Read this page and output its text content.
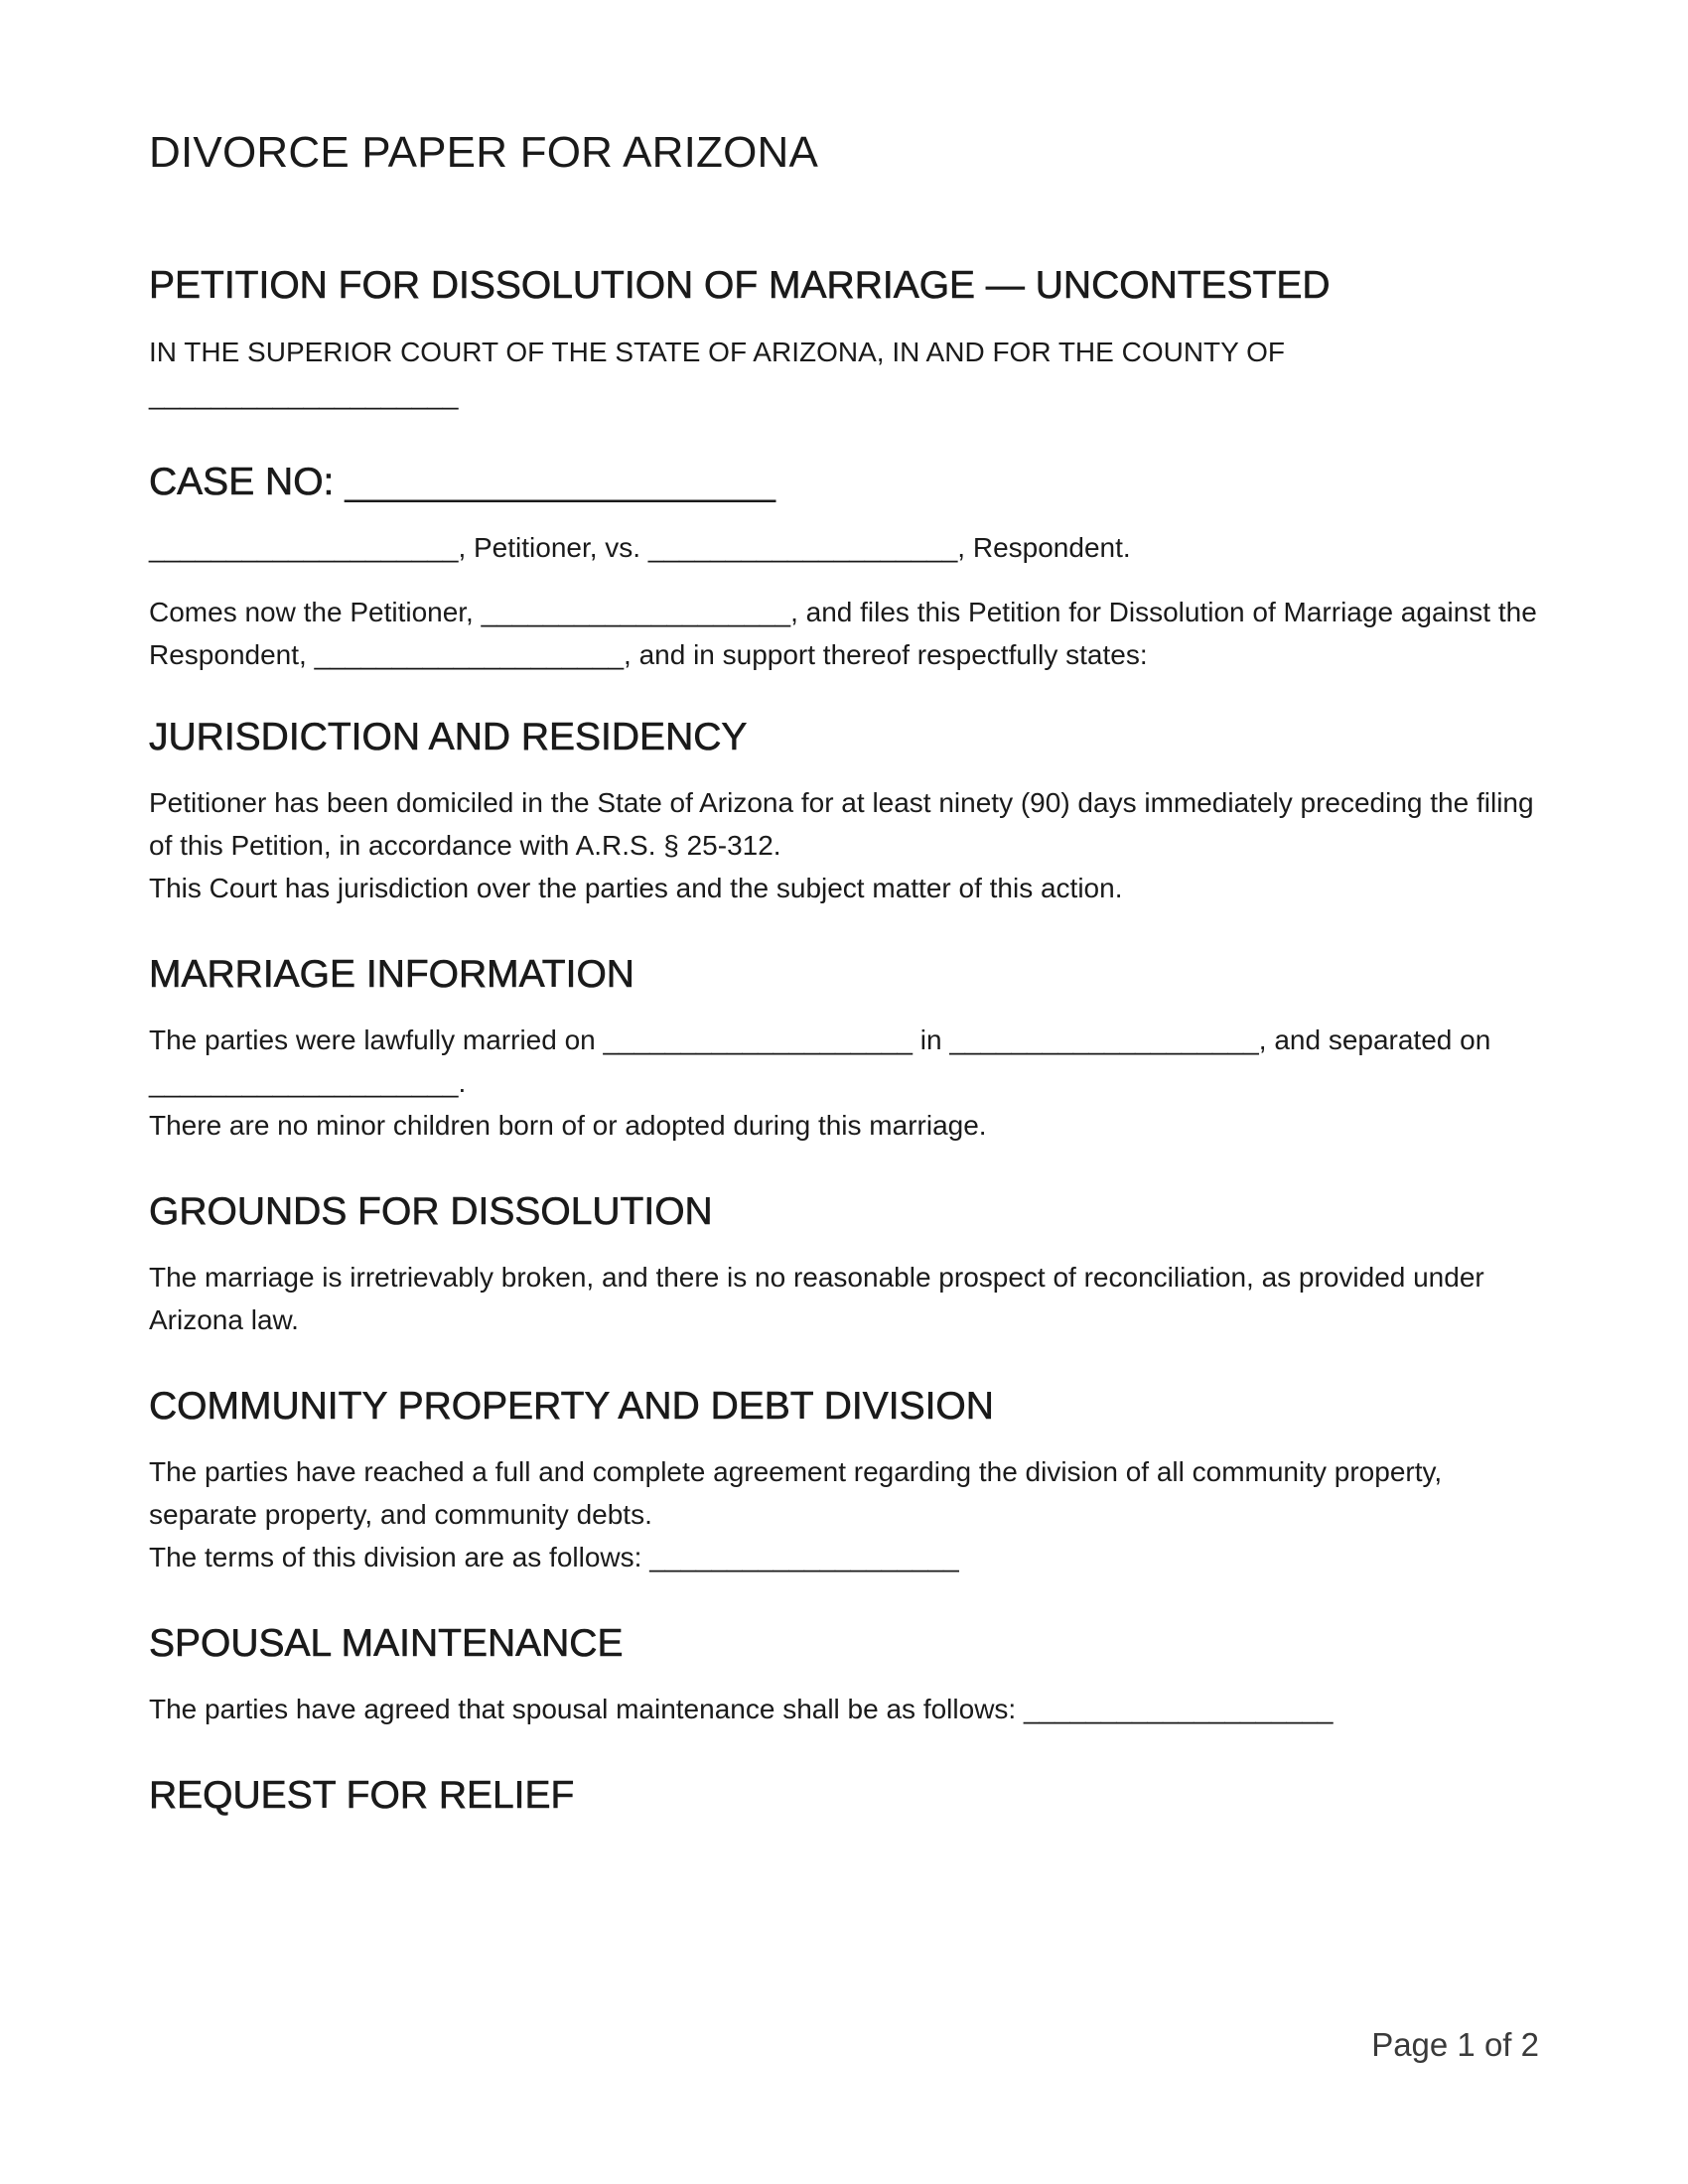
DIVORCE PAPER FOR ARIZONA
PETITION FOR DISSOLUTION OF MARRIAGE — UNCONTESTED

IN THE SUPERIOR COURT OF THE STATE OF ARIZONA, IN AND FOR THE COUNTY OF
____________________

CASE NO: ____________________

____________________, Petitioner, vs. ____________________, Respondent.

Comes now the Petitioner, ____________________, and files this Petition for Dissolution of Marriage against the Respondent, ____________________, and in support thereof respectfully states:

JURISDICTION AND RESIDENCY

Petitioner has been domiciled in the State of Arizona for at least ninety (90) days immediately preceding the filing of this Petition, in accordance with A.R.S. § 25-312.
This Court has jurisdiction over the parties and the subject matter of this action.

MARRIAGE INFORMATION

The parties were lawfully married on ____________________ in ____________________, and separated on
____________________.
There are no minor children born of or adopted during this marriage.

GROUNDS FOR DISSOLUTION

The marriage is irretrievably broken, and there is no reasonable prospect of reconciliation, as provided under Arizona law.

COMMUNITY PROPERTY AND DEBT DIVISION

The parties have reached a full and complete agreement regarding the division of all community property, separate property, and community debts.
The terms of this division are as follows: ____________________

SPOUSAL MAINTENANCE

The parties have agreed that spousal maintenance shall be as follows: ____________________

REQUEST FOR RELIEF
Page 1 of 2
